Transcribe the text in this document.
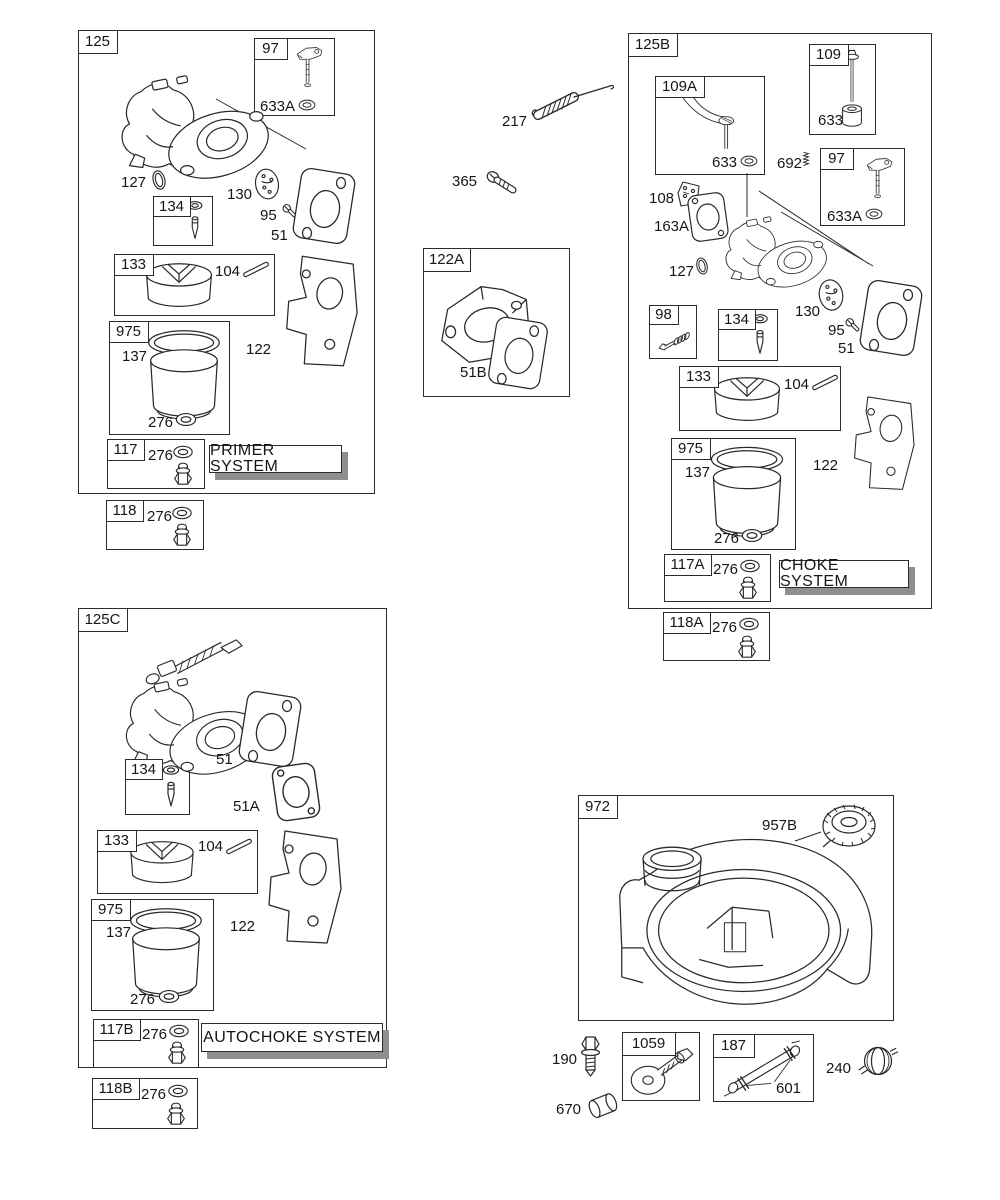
125	97
633A
127
130
134
95
51
133	104
975
137
276
122
117 276 PRIMER SYSTEM
118 276
217
365
122A
51B
125B
109A
633
109
633
692	97
633A
108
163A
127
130
95
51
98	134
133	104
975
137
276
122
117A 276	CHOKE SYSTEM
118A 276
125C
134
51
51A
133	104
975
137
276
122
117B 276 AUTOCHOKE SYSTEM
118B 276
972
957B
190
670
1059	187
601
240
